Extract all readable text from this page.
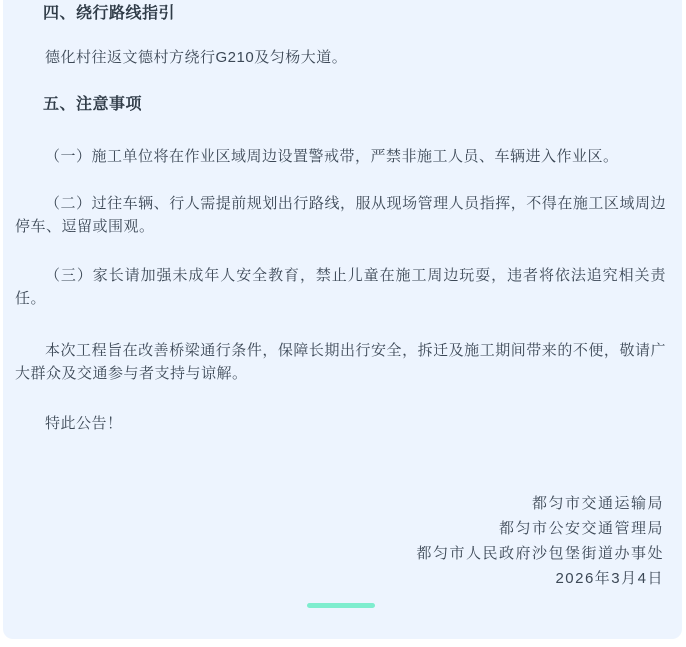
四、绕行路线指引

德化村往返文德村方绕行G210及匀杨大道。

五、注意事项

（一）施工单位将在作业区域周边设置警戒带，严禁非施工人员、车辆进入作业区。

（二）过往车辆、行人需提前规划出行路线，服从现场管理人员指挥，不得在施工区域周边停车、逗留或围观。

（三）家长请加强未成年人安全教育，禁止儿童在施工周边玩耍，违者将依法追究相关责任。

本次工程旨在改善桥梁通行条件，保障长期出行安全，拆迁及施工期间带来的不便，敬请广大群众及交通参与者支持与谅解。

特此公告！

都匀市交通运输局
都匀市公安交通管理局
都匀市人民政府沙包堡街道办事处
2026年3月4日
